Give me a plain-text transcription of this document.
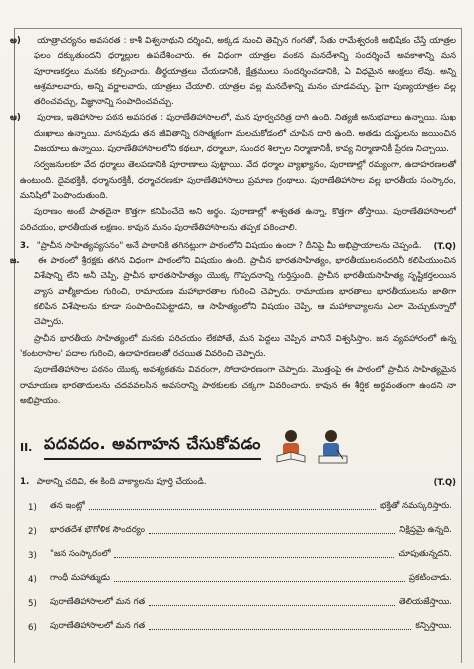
అ) యాత్రాచర్యనం అవసరత : కాశీ విశ్వనాథుని దర్శించి, అక్కడ నుంచి తెచ్చిన గంగతో, సేతు రామేశ్వరంకి అభిషేకం చేస్తే యాత్రల ఫలం దక్కుతుందని ధర్మాల్లుల ఉపదేశించారు. ఈ విధంగా యాత్రల వంకన మనదేశాన్ని సందర్శించే అవకాశాన్ని మన పూరాణకర్తలు మనకు కల్పించారు. తీర్థయాత్రలు చేయడానికి, క్షేత్రములు సందర్శించడానికి, ఏ విధమైన ఆంక్షలు లేవు. అన్ని ఆశ్రమాలవారు, అన్ని వర్ణాలవారు, యాత్రలు చేయాలి. యాత్రల వల్ల మనదేశాన్ని మనం చూడవచ్చు. పైగా పుణ్యయాత్రల వల్ల తరించవచ్చు, విజ్ఞానాన్ని సంపాదించవచ్చు.

ఆ) పురాణ, ఇతిహాసాల పఠన అవసరత : పురాణేతిహాసాలలో, మన పూర్వచరిత్ర దాగి ఉంది. నిత్యజీ అనుభవాలు ఉన్నాయి. సుఖ దుఃఖాలు ఉన్నాయి. మానవుడు తన జీవితాన్ని రసాత్మకంగా మలచుకోడంలో చూపిన దారి ఉంది. అతడు దుష్టులను జయించిన విజయాలు ఉన్నాయి. పురాణేతిహాసాలలోని కథలూ, ధర్మాలూ, సుందర శిల్పాల నిర్మాణానికీ, కావ్య నిర్మాణానికీ ప్రేరణ నిచ్చాయి.

సర్వజనులకూ వేద ధర్మాలు తెలపడానికి పూరాణాలు పుట్టాయి. వేద ధర్మాల వ్యాఖ్యానం, పురాణాల్లో రమ్యంగా, ఉదాహరణలతో ఉంటుంది. దైవభక్తికీ, ధర్మానురక్తికీ, ధర్మాచరణకూ పురాణేతిహాసాలు ప్రమాణ గ్రంథాలు. పురాణేతిహాసాల వల్ల భారతీయ సంస్కారం, మనిషిలో పెంపొందుతుంది.

పురాణం అంటే పాతదైనా కొత్తగా కనిపించేదె అని అర్థం. పురాణాల్లో శాశ్వతత ఉన్నా, కొత్తగా తోస్తాయి. పురాణేతిహాసాలలో పరిచయం, భారతీయత లక్షణం. కావున మనం పురాణేతిహాసాలను తప్పక పఠించాలి.

3. "ప్రాచీన సాహిత్యవ్యసనం" అనే పాఠానికి తగినట్లుగా పాఠంలోని విషయం ఉందా ? దీనిపై మీ అభిప్రాయాలను చెప్పండి. (T.Q)

జ. ఈ పాఠంలో శ్రీరక్షకు తగిన విధంగా పాఠంలోని విషయం ఉంది. ప్రాచీన భారతసాహిత్యం, భారతీయులనందరినీ కలిపియుంచిన విశేషాన్ని లేని అనీ చెప్పి, ప్రాచీన భారతసాహిత్యం యొక్క గొప్పదనాన్ని గుర్తిస్తుంది. ప్రాచీన భారతీయసాహిత్య సృష్టికర్తలయిన వ్యాస వాల్మీకాదుల గురించి, రామాయణ మహాభారతాల గురించి చెప్పారు. రామాయణ భారతాలు భారతీయులను జాతిగా కలిపిన విశేషాలను కూడా సంపాదించిపెట్టాడని, ఆ సాహిత్యంలోని విషయం చెప్పి, ఆ మహాకావ్యాలను ఎలా మెచ్చుకున్నారో చెప్పారు.

ప్రాచీన భారతీయ సాహిత్యంలో మనకు పరిచయం లేకపోతే, మన పెద్దలు చెప్పిన వానినే విశ్వసిస్తాం. జన వ్యవహారంలో ఉన్న 'కంటరాసాల' పదాల గురించి, ఉదాహరణలతో రచయిత వివరించి చెప్పారు.

పురాణేతిహాసాల పఠనం యొక్క అవశ్యకతను వివరంగా, సోదాహరణంగా చెప్పారు. మొత్తంపై ఈ పాఠంలో ప్రాచీన సాహిత్యమైన రామాయణ భారతాదులను చదవవలసిన అవసరాన్ని పాఠకులకు చక్కగా వివరించారు. కావున ఈ శీర్షిక అర్థవంతంగా ఉందని నా అభిప్రాయం.

II. పదవదం. అవగాహన చేసుకోవడం
1. పాఠాన్ని చదివి, ఈ కింది వాక్యాలను పూర్తి చేయండి.	(T.Q)
1)	తన ఇంట్లో	భక్తితో నమస్కరిస్తారు.
2)	భారతదేశ భౌగోళిక సౌందర్యం	నిక్షిప్తమై ఉన్నది.
3)	"జన సంస్కారంలో	చూపుతున్నదని.
4)	గాంధీ మహాత్ముడు	ప్రకటించాడు.
5)	పురాణేతిహాసాలలో మన గత	తెలియజేస్తాయి.
6)	పురాణేతిహాసాలలో మన గత	కన్పిస్తాయి.
